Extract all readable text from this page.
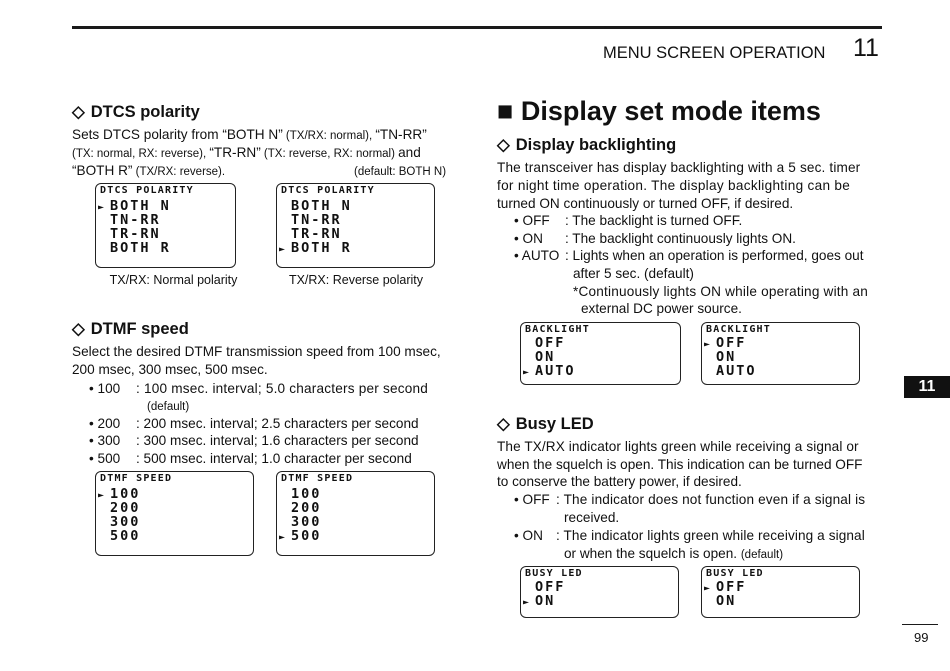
MENU SCREEN OPERATION 11
◇ DTCS polarity
Sets DTCS polarity from “BOTH N” (TX/RX: normal), “TN-RR”
(TX: normal, RX: reverse), “TR-RN” (TX: reverse, RX: normal) and
“BOTH R” (TX/RX: reverse).	(default: BOTH N)
DTCS POLARITY
► BOTH N
TN-RR
TR-RN
BOTH R
DTCS POLARITY
BOTH N
TN-RR
TR-RN
► BOTH R
TX/RX: Normal polarity	TX/RX: Reverse polarity
◇ DTMF speed
Select the desired DTMF transmission speed from 100 msec,
200 msec, 300 msec, 500 msec.
• 100 : 100 msec. interval; 5.0 characters per second
(default)
• 200 : 200 msec. interval; 2.5 characters per second
• 300 : 300 msec. interval; 1.6 characters per second
• 500 : 500 msec. interval; 1.0 character per second
DTMF SPEED
► 100
200
300
500
DTMF SPEED
100
200
300
► 500
■ Display set mode items
◇ Display backlighting
The transceiver has display backlighting with a 5 sec. timer
for night time operation. The display backlighting can be
turned ON continuously or turned OFF, if desired.
• OFF : The backlight is turned OFF.
• ON : The backlight continuously lights ON.
• AUTO : Lights when an operation is performed, goes out
after 5 sec. (default)
*Continuously lights ON while operating with an
external DC power source.
BACKLIGHT
OFF
ON
► AUTO
BACKLIGHT
► OFF
ON
AUTO
11
◇ Busy LED
The TX/RX indicator lights green while receiving a signal or
when the squelch is open. This indication can be turned OFF
to conserve the battery power, if desired.
• OFF : The indicator does not function even if a signal is
received.
• ON : The indicator lights green while receiving a signal
or when the squelch is open. (default)
BUSY LED
OFF
► ON
BUSY LED
► OFF
ON
99
